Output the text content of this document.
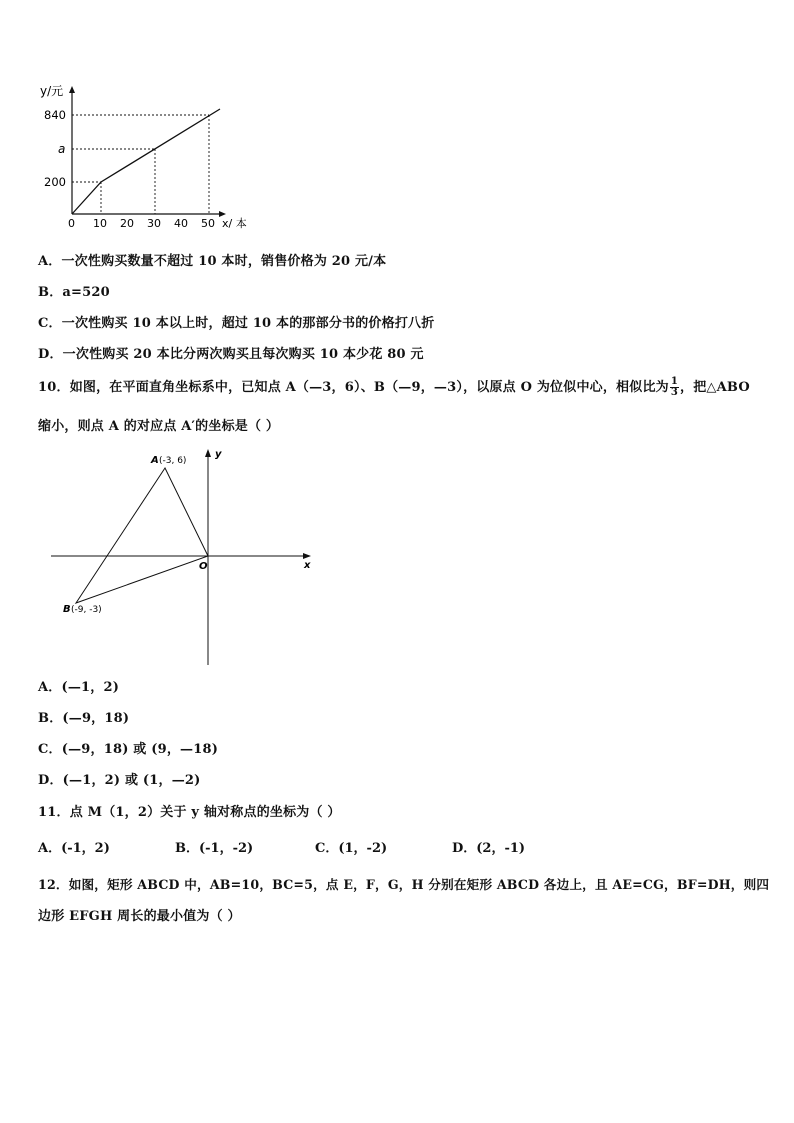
y/元
840
a
200
0 10 20 30 40 50 x/ 本
A．一次性购买数量不超过 10 本时，销售价格为 20 元/本
B．a=520
C．一次性购买 10 本以上时，超过 10 本的那部分书的价格打八折
D．一次性购买 20 本比分两次购买且每次购买 10 本少花 80 元
10．如图，在平面直角坐标系中，已知点 A（—3，6）、B（—9，—3），以原点 O 为位似中心，相似比为 $\frac{1}{3}$ ，把△ABO
缩小，则点 A 的对应点 A′的坐标是（ ）
A (-3, 6)
B (-9, -3)
O	x
y
A．(—1，2)
B．(—9，18)
C．(—9，18) 或 (9，—18)
D．(—1，2) 或 (1，—2)
11．点 M（1，2）关于 y 轴对称点的坐标为（ ）
A．(-1，2)	B．(-1，-2)	C．(1，-2)	D．(2，-1)
12．如图，矩形 ABCD 中，AB=10，BC=5，点 E，F，G，H 分别在矩形 ABCD 各边上，且 AE=CG，BF=DH，则四
边形 EFGH 周长的最小值为（ ）
